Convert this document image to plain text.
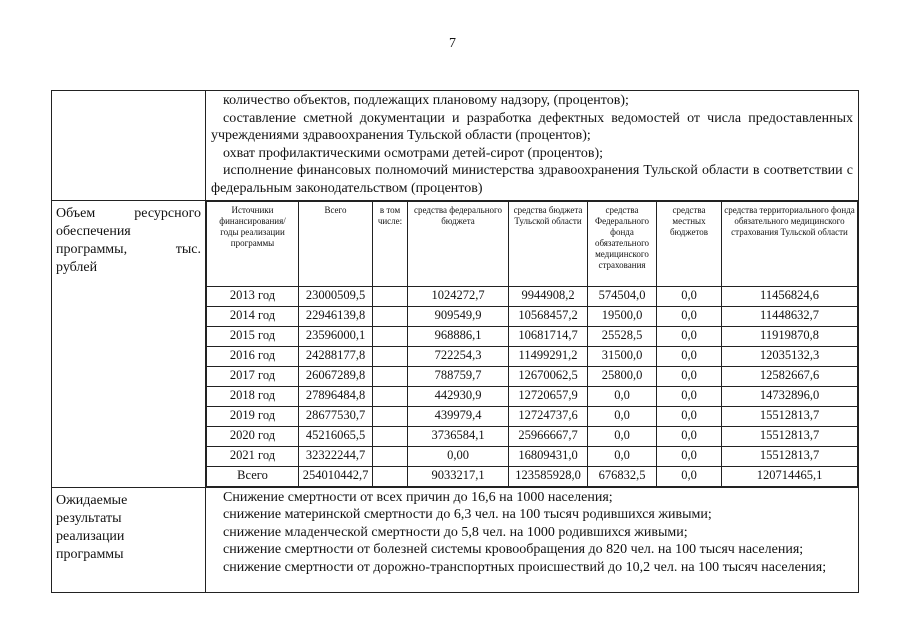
7

количество объектов, подлежащих плановому надзору, (процентов);

составление сметной документации и разработка дефектных ведомостей от числа предоставленных учреждениями здравоохранения Тульской области (процентов);

охват профилактическими осмотрами детей-сирот (процентов);

исполнение финансовых полномочий министерства здравоохранения Тульской области в соответствии с федеральным законодательством (процентов)

Объем ресурсного
обеспечения
программы, тыс.
рублей

Источники финансирования/ годы реализации программы	Всего	в том числе:	средства федерального бюджета	средства бюджета Тульской области	средства Федерального фонда обязательного медицинского страхования	средства местных бюджетов	средства территориального фонда обязательного медицинского страхования Тульской области
2013 год	23000509,5		1024272,7	9944908,2	574504,0	0,0	11456824,6
2014 год	22946139,8		909549,9	10568457,2	19500,0	0,0	11448632,7
2015 год	23596000,1		968886,1	10681714,7	25528,5	0,0	11919870,8
2016 год	24288177,8		722254,3	11499291,2	31500,0	0,0	12035132,3
2017 год	26067289,8		788759,7	12670062,5	25800,0	0,0	12582667,6
2018 год	27896484,8		442930,9	12720657,9	0,0	0,0	14732896,0
2019 год	28677530,7		439979,4	12724737,6	0,0	0,0	15512813,7
2020 год	45216065,5		3736584,1	25966667,7	0,0	0,0	15512813,7
2021 год	32322244,7		0,00	16809431,0	0,0	0,0	15512813,7
Всего	254010442,7		9033217,1	123585928,0	676832,5	0,0	120714465,1

Ожидаемые
результаты
реализации
программы

Снижение смертности от всех причин до 16,6 на 1000 населения;

снижение материнской смертности до 6,3 чел. на 100 тысяч родившихся живыми;

снижение младенческой смертности до 5,8 чел. на 1000 родившихся живыми;

снижение смертности от болезней системы кровообращения до 820 чел. на 100 тысяч населения;

снижение смертности от дорожно-транспортных происшествий до 10,2 чел. на 100 тысяч населения;
